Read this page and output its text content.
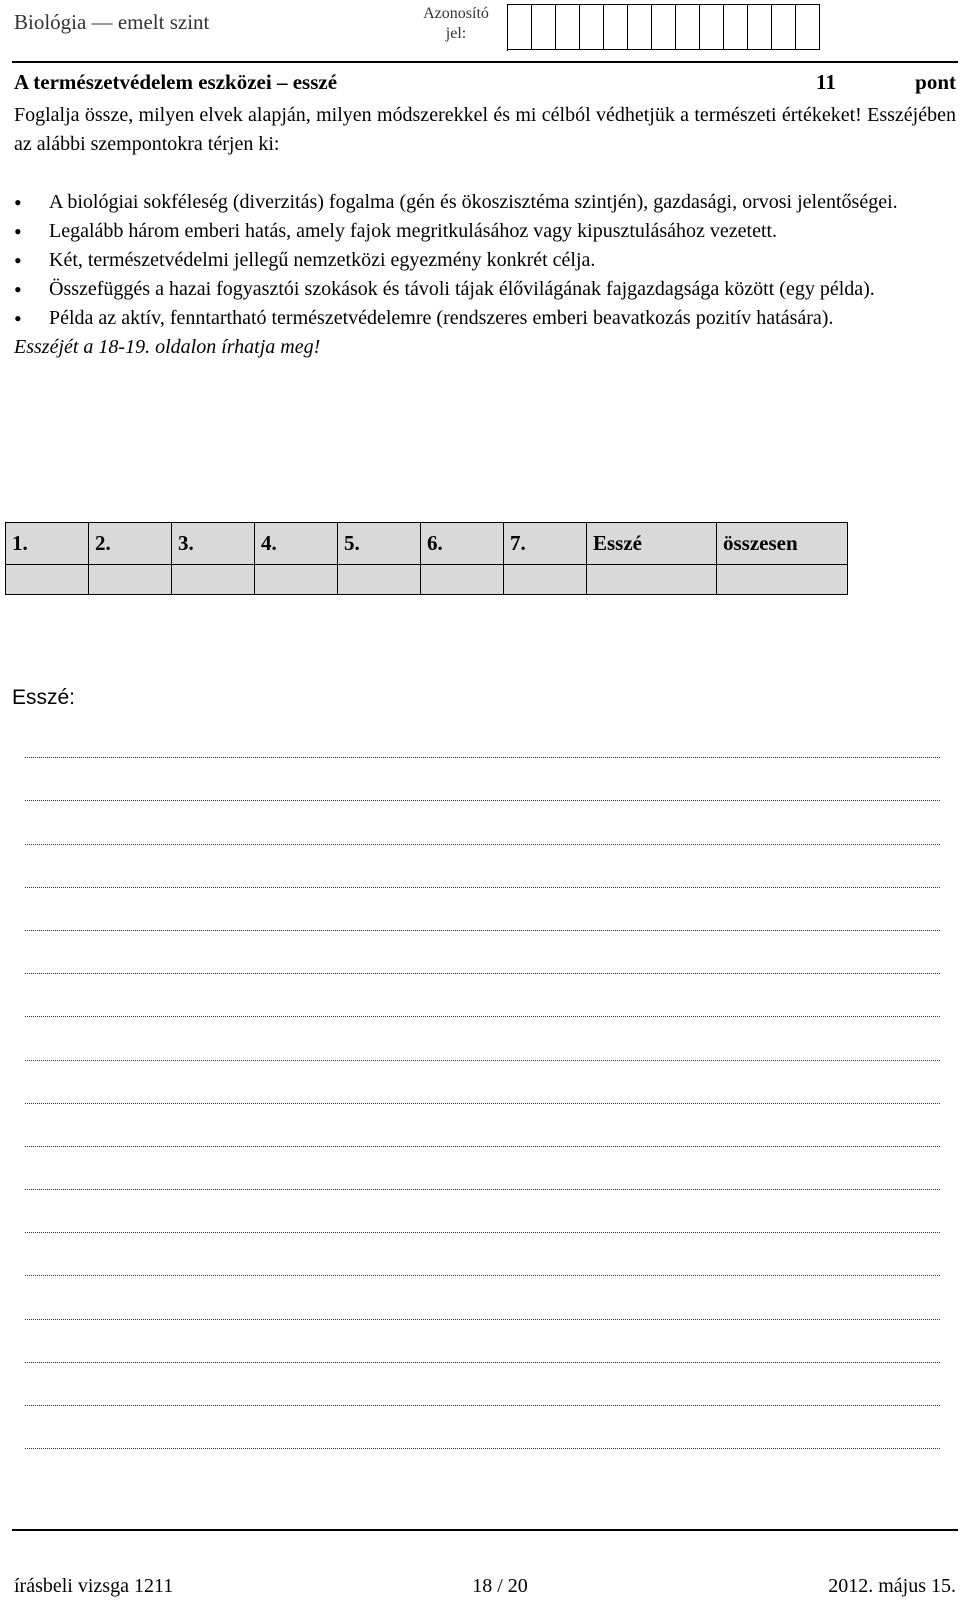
Biológia — emelt szint	Azonosító jel:
A természetvédelem eszközei – esszé	11	pont
Foglalja össze, milyen elvek alapján, milyen módszerekkel és mi célból védhetjük a természeti értékeket! Esszéjében az alábbi szempontokra térjen ki:
• A biológiai sokféleség (diverzitás) fogalma (gén és ökoszisztéma szintjén), gazdasági, orvosi jelentőségei.
• Legalább három emberi hatás, amely fajok megritkulásához vagy kipusztulásához vezetett.
• Két, természetvédelmi jellegű nemzetközi egyezmény konkrét célja.
• Összefüggés a hazai fogyasztói szokások és távoli tájak élővilágának fajgazdagsága között (egy példa).
• Példa az aktív, fenntartható természetvédelemre (rendszeres emberi beavatkozás pozitív hatására).
Esszéjét a 18-19. oldalon írhatja meg!
1.	2.	3.	4.	5.	6.	7.	Esszé	összesen

Esszé:
írásbeli vizsga 1211	18 / 20	2012. május 15.
